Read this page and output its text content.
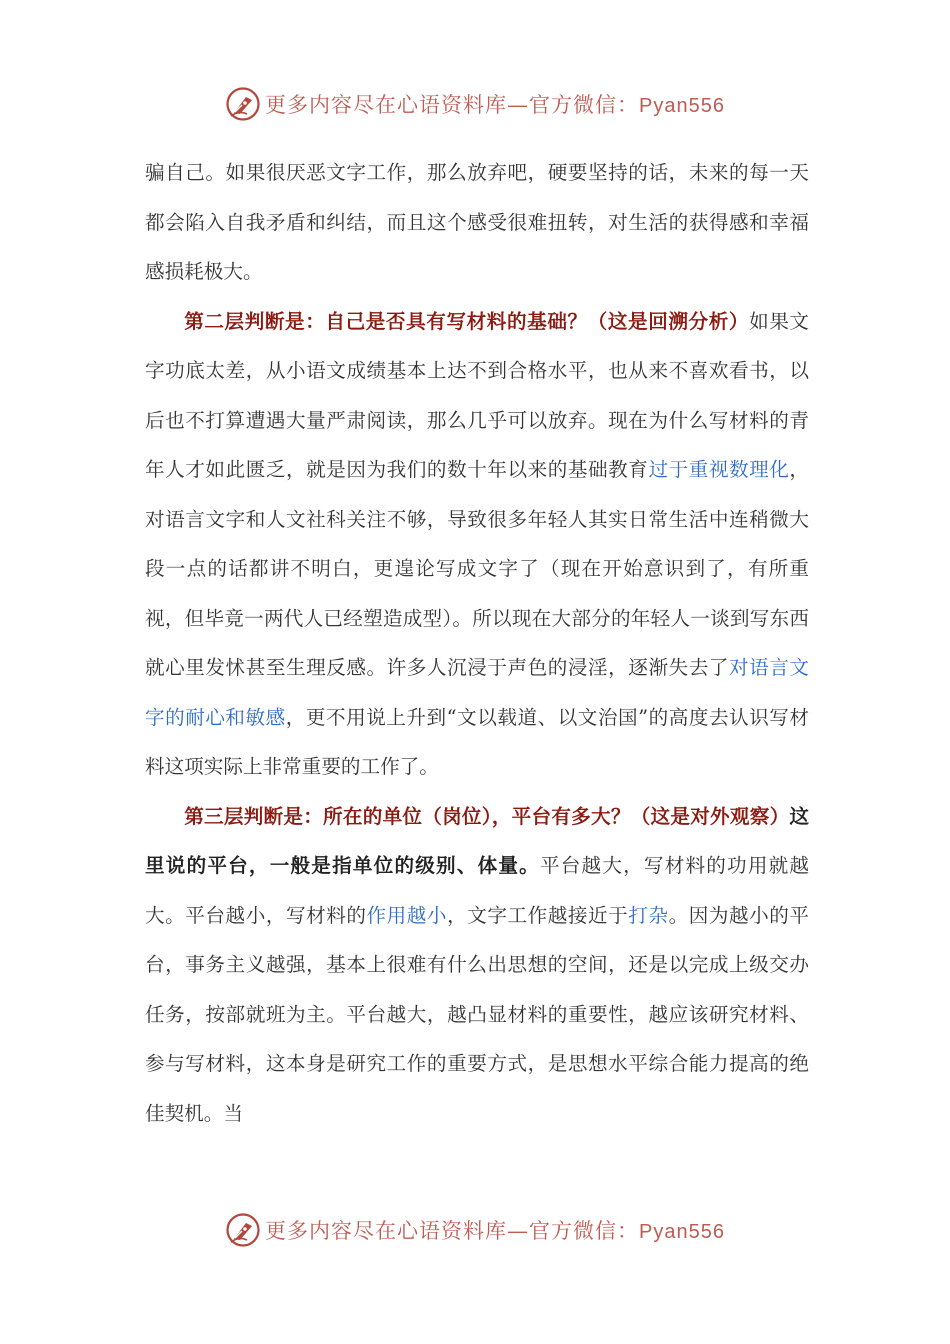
更多内容尽在心语资料库—官方微信：Pyan556

骗自己。如果很厌恶文字工作，那么放弃吧，硬要坚持的话，未来的每一天都会陷入自我矛盾和纠结，而且这个感受很难扭转，对生活的获得感和幸福感损耗极大。

第二层判断是：自己是否具有写材料的基础？（这是回溯分析）如果文字功底太差，从小语文成绩基本上达不到合格水平，也从来不喜欢看书，以后也不打算遭遇大量严肃阅读，那么几乎可以放弃。现在为什么写材料的青年人才如此匮乏，就是因为我们的数十年以来的基础教育过于重视数理化，对语言文字和人文社科关注不够，导致很多年轻人其实日常生活中连稍微大段一点的话都讲不明白，更遑论写成文字了（现在开始意识到了，有所重视，但毕竟一两代人已经塑造成型）。所以现在大部分的年轻人一谈到写东西就心里发怵甚至生理反感。许多人沉浸于声色的浸淫，逐渐失去了对语言文字的耐心和敏感，更不用说上升到“文以载道、以文治国”的高度去认识写材料这项实际上非常重要的工作了。

第三层判断是：所在的单位（岗位），平台有多大？（这是对外观察）这里说的平台，一般是指单位的级别、体量。平台越大，写材料的功用就越大。平台越小，写材料的作用越小，文字工作越接近于打杂。因为越小的平台，事务主义越强，基本上很难有什么出思想的空间，还是以完成上级交办任务，按部就班为主。平台越大，越凸显材料的重要性，越应该研究材料、参与写材料，这本身是研究工作的重要方式，是思想水平综合能力提高的绝佳契机。当

更多内容尽在心语资料库—官方微信：Pyan556
